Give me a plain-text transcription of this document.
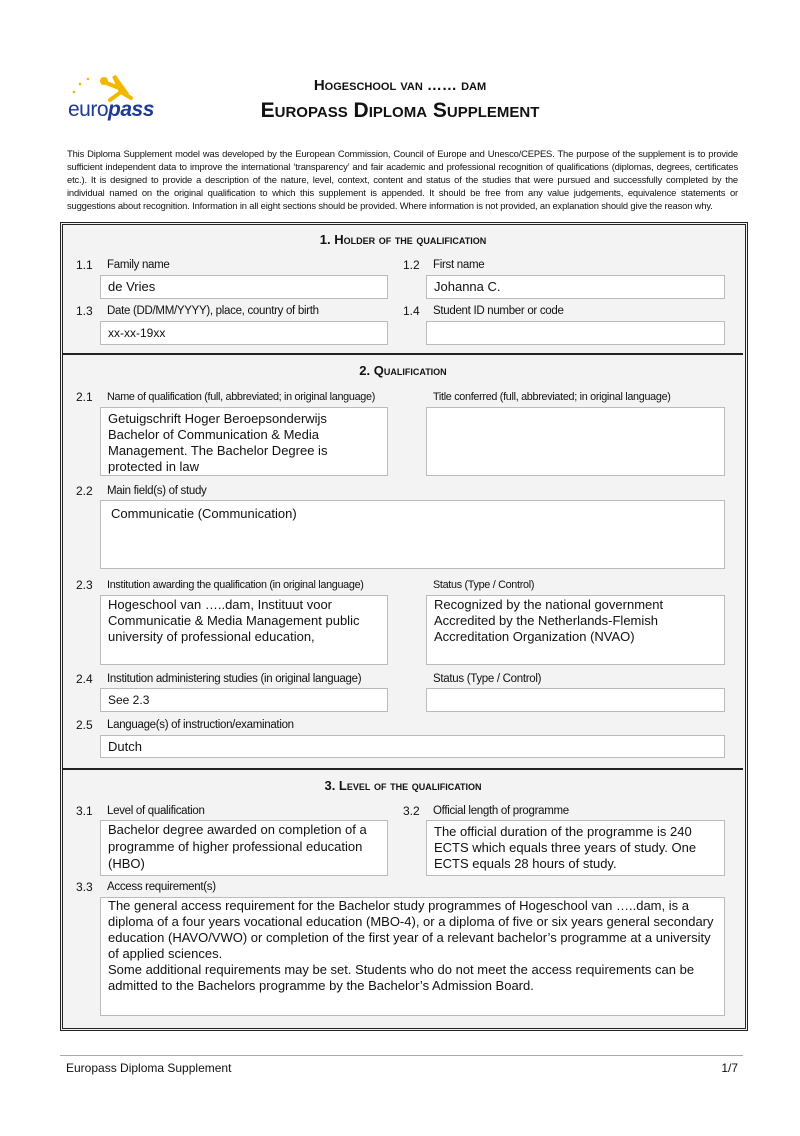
europass
Hogeschool van …… dam
Europass Diploma Supplement
This Diploma Supplement model was developed by the European Commission, Council of Europe and Unesco/CEPES. The purpose of the supplement is to provide sufficient independent data to improve the international ‘transparency’ and fair academic and professional recognition of qualifications (diplomas, degrees, certificates etc.). It is designed to provide a description of the nature, level, context, content and status of the studies that were pursued and successfully completed by the individual named on the original qualification to which this supplement is appended. It should be free from any value judgements, equivalence statements or suggestions about recognition. Information in all eight sections should be provided. Where information is not provided, an explanation should give the reason why.
1. Holder of the qualification
1.1 Family name
de Vries
1.2 First name
Johanna C.
1.3 Date (DD/MM/YYYY), place, country of birth
xx-xx-19xx
1.4 Student ID number or code
2. Qualification
2.1 Name of qualification (full, abbreviated; in original language)
Getuigschrift Hoger Beroepsonderwijs Bachelor of Communication & Media Management. The Bachelor Degree is protected in law
Title conferred (full, abbreviated; in original language)
2.2 Main field(s) of study
Communicatie (Communication)
2.3 Institution awarding the qualification (in original language)
Hogeschool van …..dam, Instituut voor Communicatie & Media Management public university of professional education,
Status (Type / Control)
Recognized by the national government Accredited by the Netherlands-Flemish Accreditation Organization (NVAO)
2.4 Institution administering studies (in original language)
See 2.3
Status (Type / Control)
2.5 Language(s) of instruction/examination
Dutch
3. Level of the qualification
3.1 Level of qualification
Bachelor degree awarded on completion of a programme of higher professional education (HBO)
3.2 Official length of programme
The official duration of the programme is 240 ECTS which equals three years of study. One ECTS equals 28 hours of study.
3.3 Access requirement(s)
The general access requirement for the Bachelor study programmes of Hogeschool van …..dam, is a diploma of a four years vocational education (MBO-4), or a diploma of five or six years general secondary education (HAVO/VWO) or completion of the first year of a relevant bachelor’s programme at a university of applied sciences.
Some additional requirements may be set. Students who do not meet the access requirements can be admitted to the Bachelors programme by the Bachelor’s Admission Board.
Europass Diploma Supplement	1/7
